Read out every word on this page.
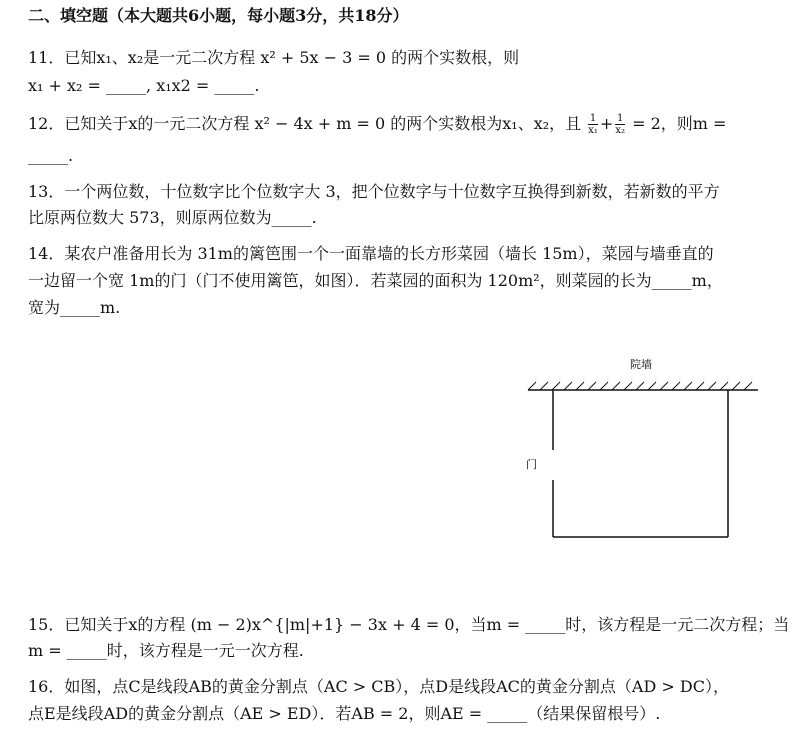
二、填空题（本大题共6小题，每小题3分，共18分）
11．已知x₁、x₂是一元二次方程 x² + 5x − 3 = 0 的两个实数根，则
x₁ + x₂ = _____, x₁x2 = _____.
12．已知关于x的一元二次方程 x² − 4x + m = 0 的两个实数根为x₁、x₂，且 $\frac{1}{\text{x₁}} + \frac{1}{\text{x₂}} = 2$，则m =
_____.
13．一个两位数，十位数字比个位数字大 3，把个位数字与十位数字互换得到新数，若新数的平方
比原两位数大 573，则原两位数为_____.
14．某农户准备用长为 31m的篱笆围一个一面靠墙的长方形菜园（墙长 15m），菜园与墙垂直的
一边留一个宽 1m的门（门不使用篱笆，如图）．若菜园的面积为 120m²，则菜园的长为_____m，
宽为_____m.
院墙
门
15．已知关于x的方程 (m − 2)x^{|m|+1} − 3x + 4 = 0，当m = _____时，该方程是一元二次方程；当
m = _____时，该方程是一元一次方程.
16．如图，点C是线段AB的黄金分割点（AC > CB），点D是线段AC的黄金分割点（AD > DC），
点E是线段AD的黄金分割点（AE > ED）．若AB = 2，则AE = _____（结果保留根号）.
